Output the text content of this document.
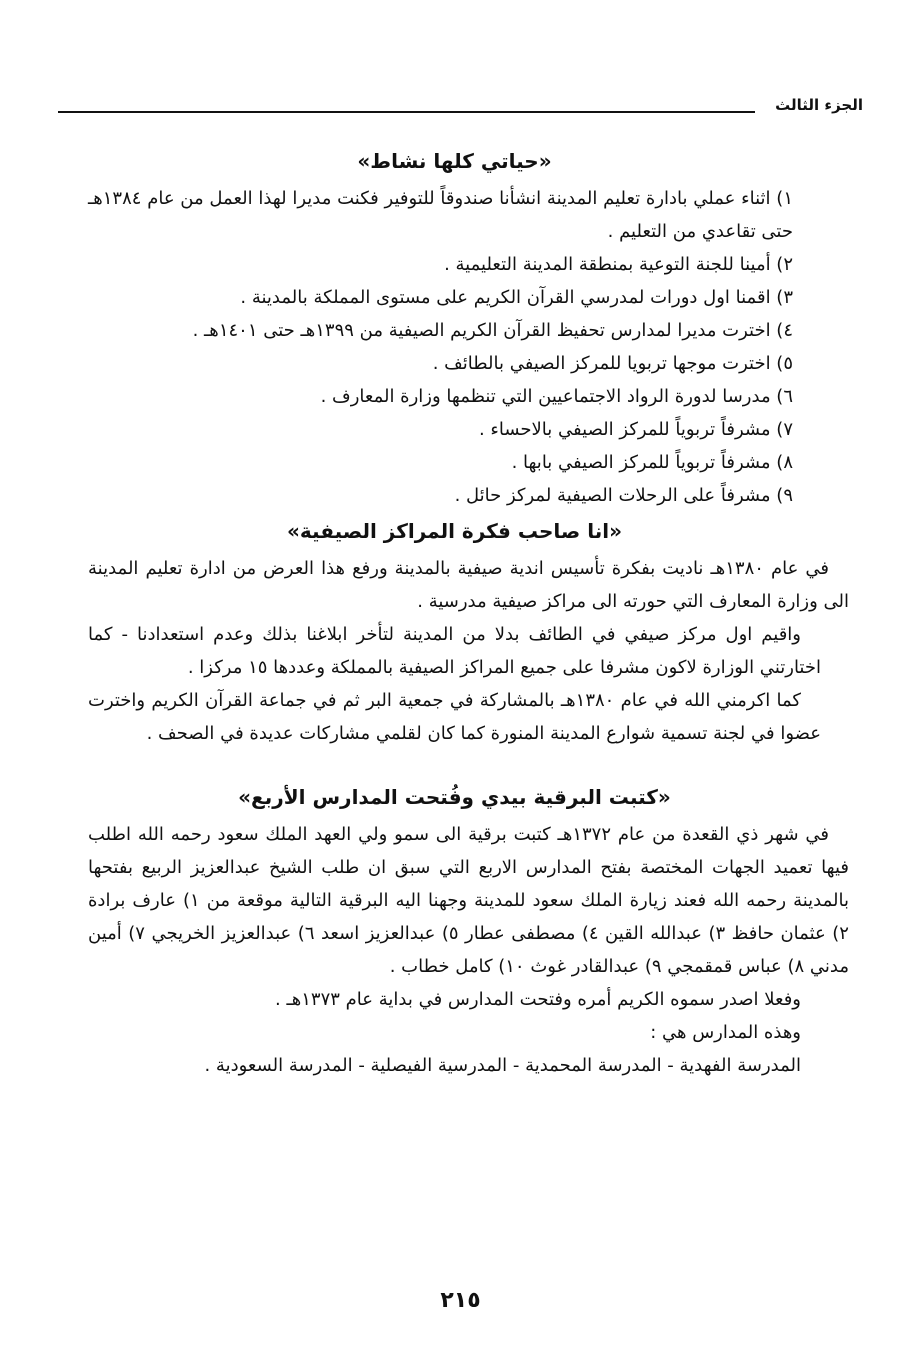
الجزء الثالث
«حياتي كلها نشاط»
١) اثناء عملي بادارة تعليم المدينة انشأنا صندوقاً للتوفير فكنت مديرا لهذا العمل من عام ١٣٨٤هـ حتى تقاعدي من التعليم .
٢) أمينا للجنة التوعية بمنطقة المدينة التعليمية .
٣) اقمنا اول دورات لمدرسي القرآن الكريم على مستوى المملكة بالمدينة .
٤) اخترت مديرا لمدارس تحفيظ القرآن الكريم الصيفية من ١٣٩٩هـ حتى ١٤٠١هـ .
٥) اخترت موجها تربويا للمركز الصيفي بالطائف .
٦) مدرسا لدورة الرواد الاجتماعيين التي تنظمها وزارة المعارف .
٧) مشرفاً تربوياً للمركز الصيفي بالاحساء .
٨) مشرفاً تربوياً للمركز الصيفي بابها .
٩) مشرفاً على الرحلات الصيفية لمركز حائل .
«انا صاحب فكرة المراكز الصيفية»

في عام ١٣٨٠هـ ناديت بفكرة تأسيس اندية صيفية بالمدينة ورفع هذا العرض من ادارة تعليم المدينة الى وزارة المعارف التي حورته الى مراكز صيفية مدرسية .

واقيم اول مركز صيفي في الطائف بدلا من المدينة لتأخر ابلاغنا بذلك وعدم استعدادنا - كما اختارتني الوزارة لاكون مشرفا على جميع المراكز الصيفية بالمملكة وعددها ١٥ مركزا .

كما اكرمني الله في عام ١٣٨٠هـ بالمشاركة في جمعية البر ثم في جماعة القرآن الكريم واخترت عضوا في لجنة تسمية شوارع المدينة المنورة كما كان لقلمي مشاركات عديدة في الصحف .

«كتبت البرقية بيدي وفُتحت المدارس الأربع»

في شهر ذي القعدة من عام ١٣٧٢هـ كتبت برقية الى سمو ولي العهد الملك سعود رحمه الله اطلب فيها تعميد الجهات المختصة بفتح المدارس الاربع التي سبق ان طلب الشيخ عبدالعزيز الربيع بفتحها بالمدينة رحمه الله فعند زيارة الملك سعود للمدينة وجهنا اليه البرقية التالية موقعة من ١) عارف برادة ٢) عثمان حافظ ٣) عبدالله القين ٤) مصطفى عطار ٥) عبدالعزيز اسعد ٦) عبدالعزيز الخريجي ٧) أمين مدني ٨) عباس قمقمجي ٩) عبدالقادر غوث ١٠) كامل خطاب .

وفعلا اصدر سموه الكريم أمره وفتحت المدارس في بداية عام ١٣٧٣هـ .

وهذه المدارس هي :

المدرسة الفهدية - المدرسة المحمدية - المدرسية الفيصلية - المدرسة السعودية .

٢١٥
